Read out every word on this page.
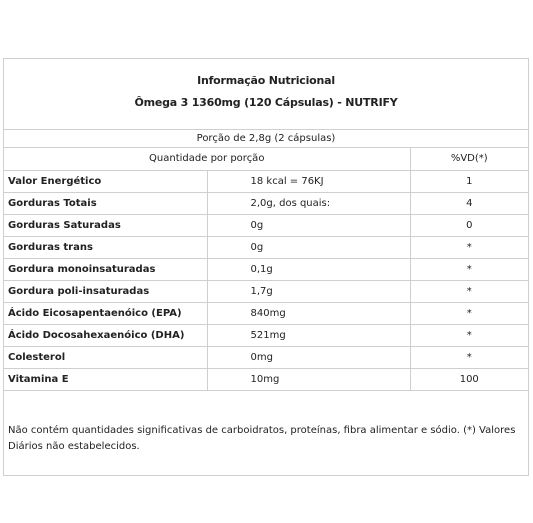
Informação Nutricional
Ômega 3 1360mg (120 Cápsulas) - NUTRIFY
Porção de 2,8g (2 cápsulas)
Quantidade por porção		%VD(*)
Valor Energético	18 kcal = 76KJ	1
Gorduras Totais	2,0g, dos quais:	4
Gorduras Saturadas	0g	0
Gorduras trans	0g	*
Gordura monoinsaturadas	0,1g	*
Gordura poli-insaturadas	1,7g	*
Ácido Eicosapentaenóico (EPA)	840mg	*
Ácido Docosahexaenóico (DHA)	521mg	*
Colesterol	0mg	*
Vitamina E	10mg	100
Não contém quantidades significativas de carboidratos, proteínas, fibra alimentar e sódio. (*) Valores Diários não estabelecidos.
